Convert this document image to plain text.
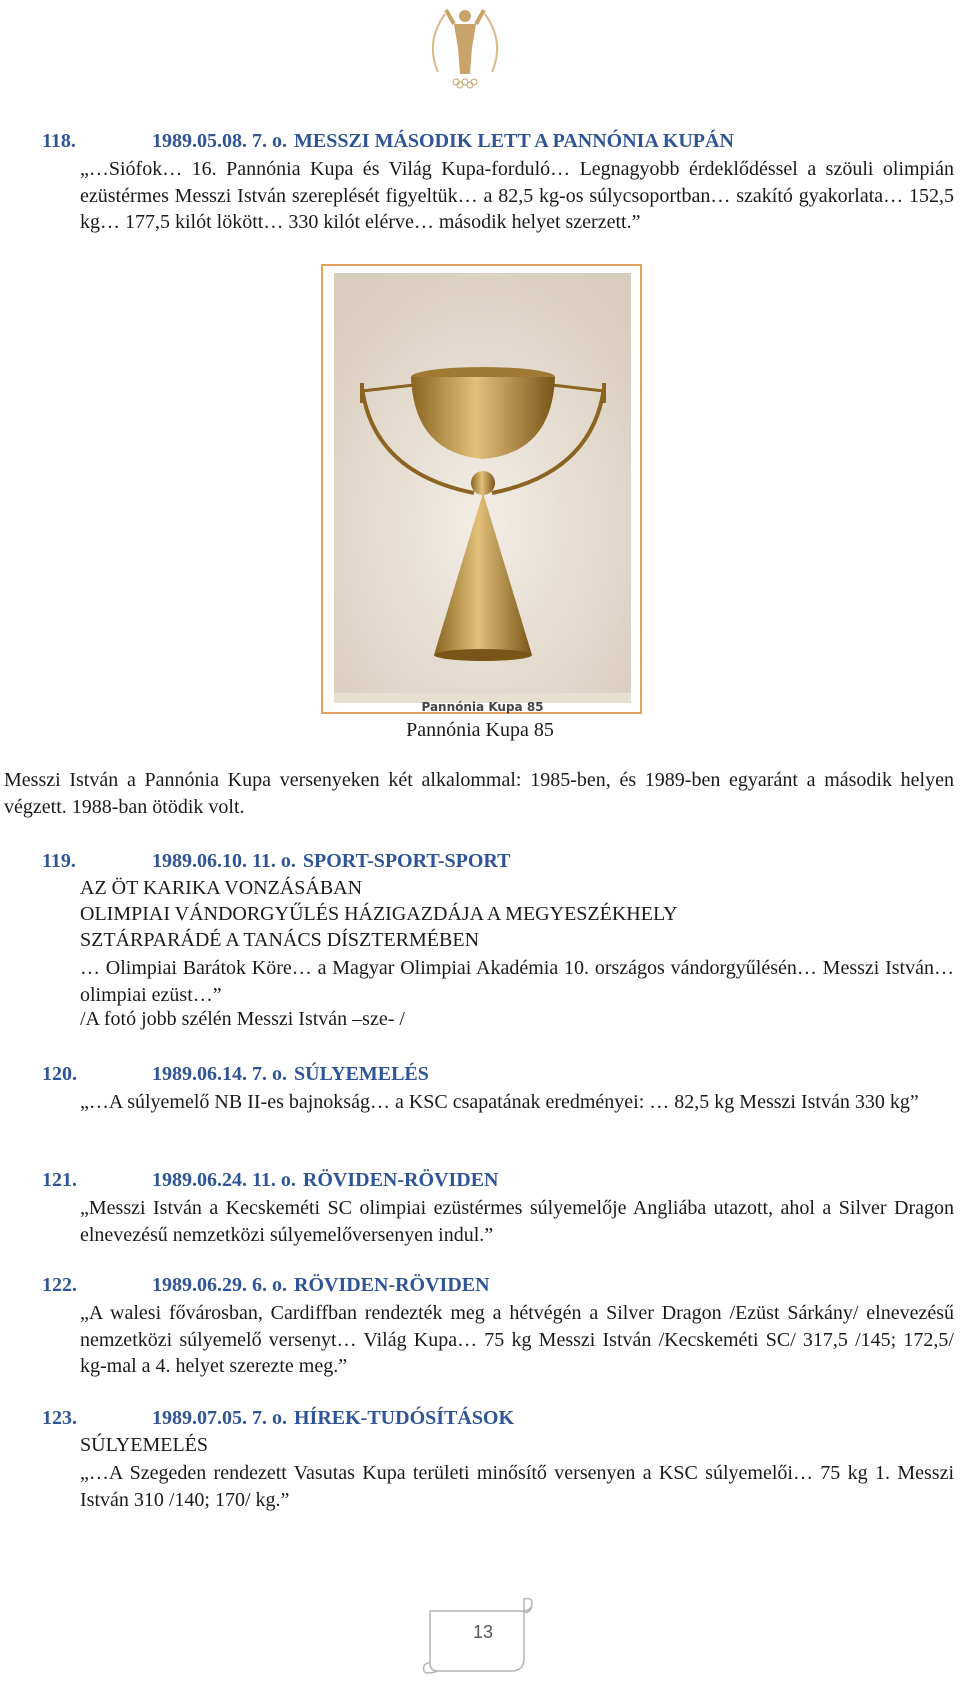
118.	1989.05.08. 7. o. MESSZI MÁSODIK LETT A PANNÓNIA KUPÁN
„…Siófok… 16. Pannónia Kupa és Világ Kupa-forduló… Legnagyobb érdeklődéssel a szöuli olimpián ezüstérmes Messzi István szereplését figyeltük… a 82,5 kg-os súlycsoportban… szakító gyakorlata… 152,5 kg… 177,5 kilót lökött… 330 kilót elérve… második helyet szerzett.”
Pannónia Kupa 85
Pannónia Kupa 85
Messzi István a Pannónia Kupa versenyeken két alkalommal: 1985-ben, és 1989-ben egyaránt a második helyen végzett. 1988-ban ötödik volt.
119.	1989.06.10. 11. o. SPORT-SPORT-SPORT
AZ ÖT KARIKA VONZÁSÁBAN
OLIMPIAI VÁNDORGYŰLÉS HÁZIGAZDÁJA A MEGYESZÉKHELY
SZTÁRPARÁDÉ A TANÁCS DÍSZTERMÉBEN
… Olimpiai Barátok Köre… a Magyar Olimpiai Akadémia 10. országos vándorgyűlésén… Messzi István… olimpiai ezüst…”
/A fotó jobb szélén Messzi István –sze- /
120.	1989.06.14. 7. o. SÚLYEMELÉS
„…A súlyemelő NB II-es bajnokság… a KSC csapatának eredményei: … 82,5 kg Messzi István 330 kg”
121.	1989.06.24. 11. o. RÖVIDEN-RÖVIDEN
„Messzi István a Kecskeméti SC olimpiai ezüstérmes súlyemelője Angliába utazott, ahol a Silver Dragon elnevezésű nemzetközi súlyemelőversenyen indul.”
122.	1989.06.29. 6. o. RÖVIDEN-RÖVIDEN
„A walesi fővárosban, Cardiffban rendezték meg a hétvégén a Silver Dragon /Ezüst Sárkány/ elnevezésű nemzetközi súlyemelő versenyt… Világ Kupa… 75 kg Messzi István /Kecskeméti SC/ 317,5 /145; 172,5/ kg-mal a 4. helyet szerezte meg.”
123.	1989.07.05. 7. o. HÍREK-TUDÓSÍTÁSOK
SÚLYEMELÉS
„…A Szegeden rendezett Vasutas Kupa területi minősítő versenyen a KSC súlyemelői… 75 kg 1. Messzi István 310 /140; 170/ kg.”
13
